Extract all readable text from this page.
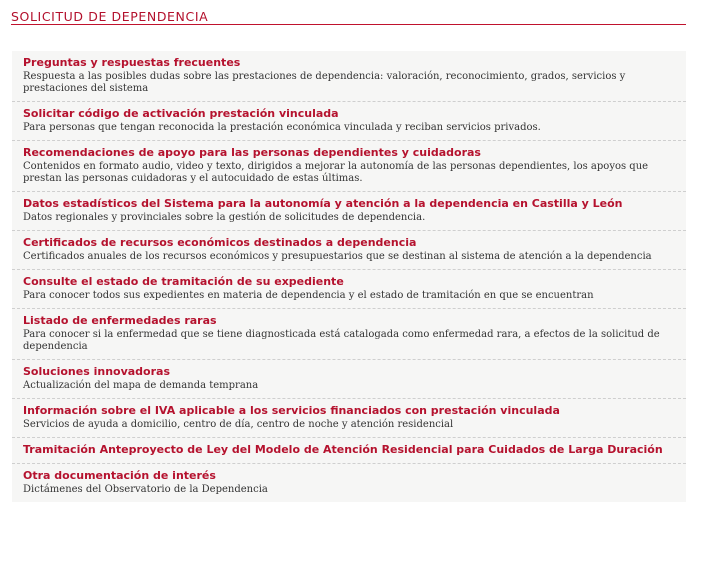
SOLICITUD DE DEPENDENCIA
Preguntas y respuestas frecuentes
Respuesta a las posibles dudas sobre las prestaciones de dependencia: valoración, reconocimiento, grados, servicios y prestaciones del sistema
Solicitar código de activación prestación vinculada
Para personas que tengan reconocida la prestación económica vinculada y reciban servicios privados.
Recomendaciones de apoyo para las personas dependientes y cuidadoras
Contenidos en formato audio, video y texto, dirigidos a mejorar la autonomía de las personas dependientes, los apoyos que prestan las personas cuidadoras y el autocuidado de estas últimas.
Datos estadísticos del Sistema para la autonomía y atención a la dependencia en Castilla y León
Datos regionales y provinciales sobre la gestión de solicitudes de dependencia.
Certificados de recursos económicos destinados a dependencia
Certificados anuales de los recursos económicos y presupuestarios que se destinan al sistema de atención a la dependencia
Consulte el estado de tramitación de su expediente
Para conocer todos sus expedientes en materia de dependencia y el estado de tramitación en que se encuentran
Listado de enfermedades raras
Para conocer si la enfermedad que se tiene diagnosticada está catalogada como enfermedad rara, a efectos de la solicitud de dependencia
Soluciones innovadoras
Actualización del mapa de demanda temprana
Información sobre el IVA aplicable a los servicios financiados con prestación vinculada
Servicios de ayuda a domicilio, centro de día, centro de noche y atención residencial
Tramitación Anteproyecto de Ley del Modelo de Atención Residencial para Cuidados de Larga Duración
Otra documentación de interés
Dictámenes del Observatorio de la Dependencia
